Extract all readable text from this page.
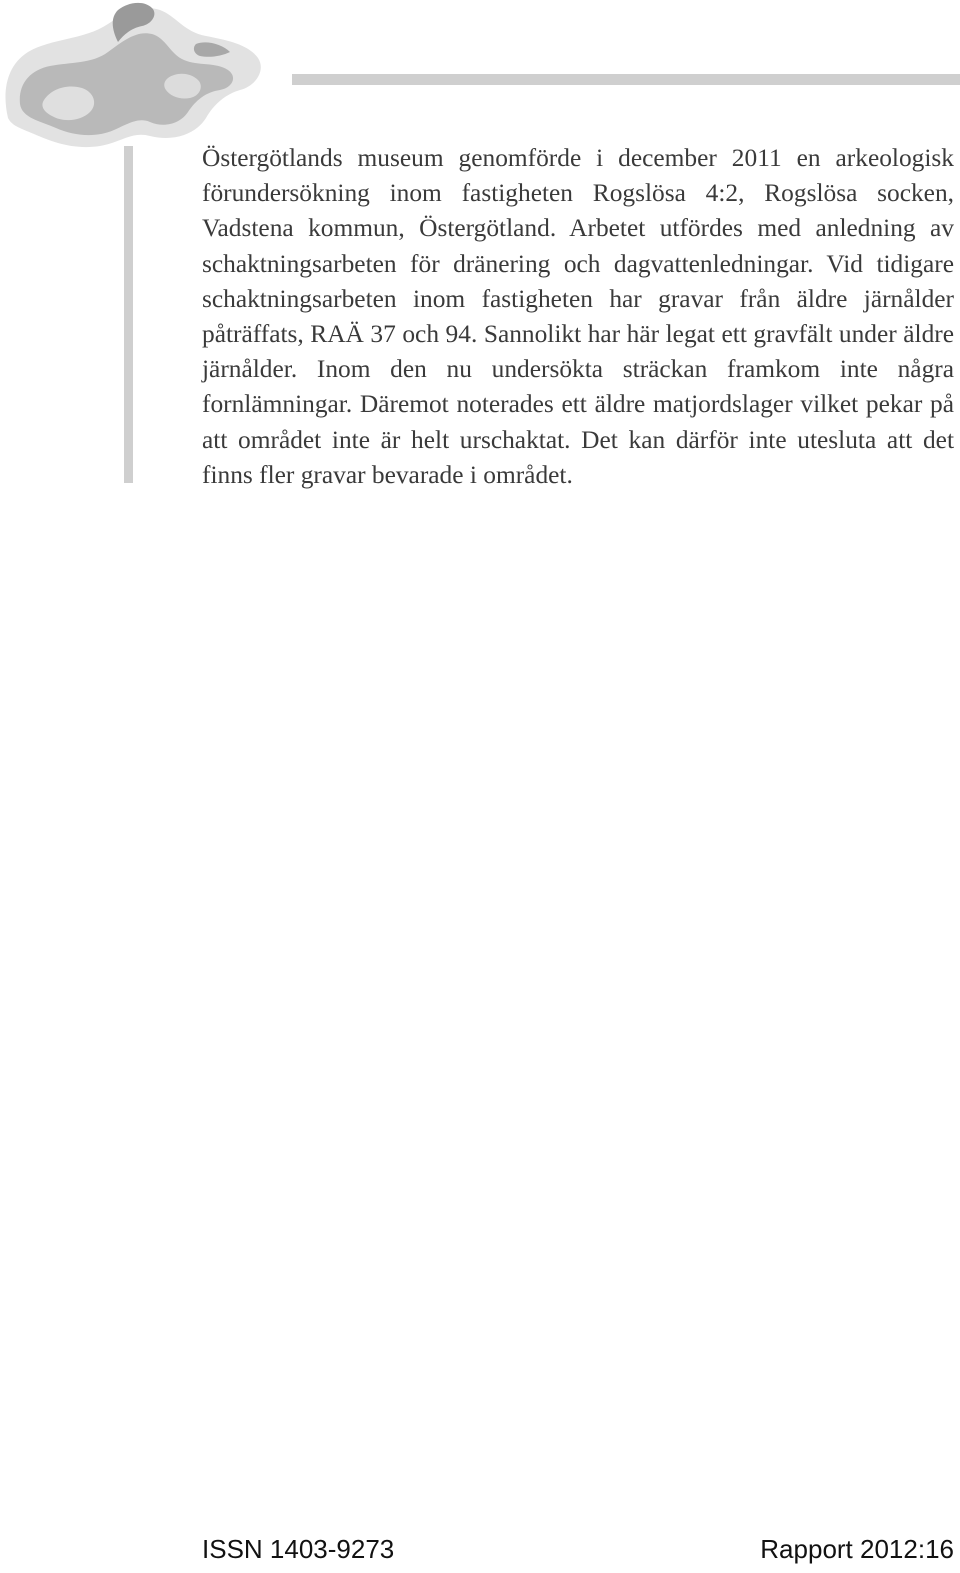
Östergötlands museum genomförde i december 2011 en arkeologisk förundersökning inom fastigheten Rogslösa 4:2, Rogslösa socken, Vadstena kommun, Östergötland. Arbetet utfördes med anledning av schaktningsarbeten för dränering och dagvattenledningar. Vid tidigare schaktningsarbeten inom fastigheten har gravar från äldre järnålder påträffats, RAÄ 37 och 94. Sannolikt har här legat ett gravfält under äldre järnålder. Inom den nu undersökta sträckan framkom inte några fornlämningar. Däremot noterades ett äldre matjordslager vilket pekar på att området inte är helt urschaktat. Det kan därför inte utesluta att det finns fler gravar bevarade i området.

ISSN 1403-9273	Rapport 2012:16
